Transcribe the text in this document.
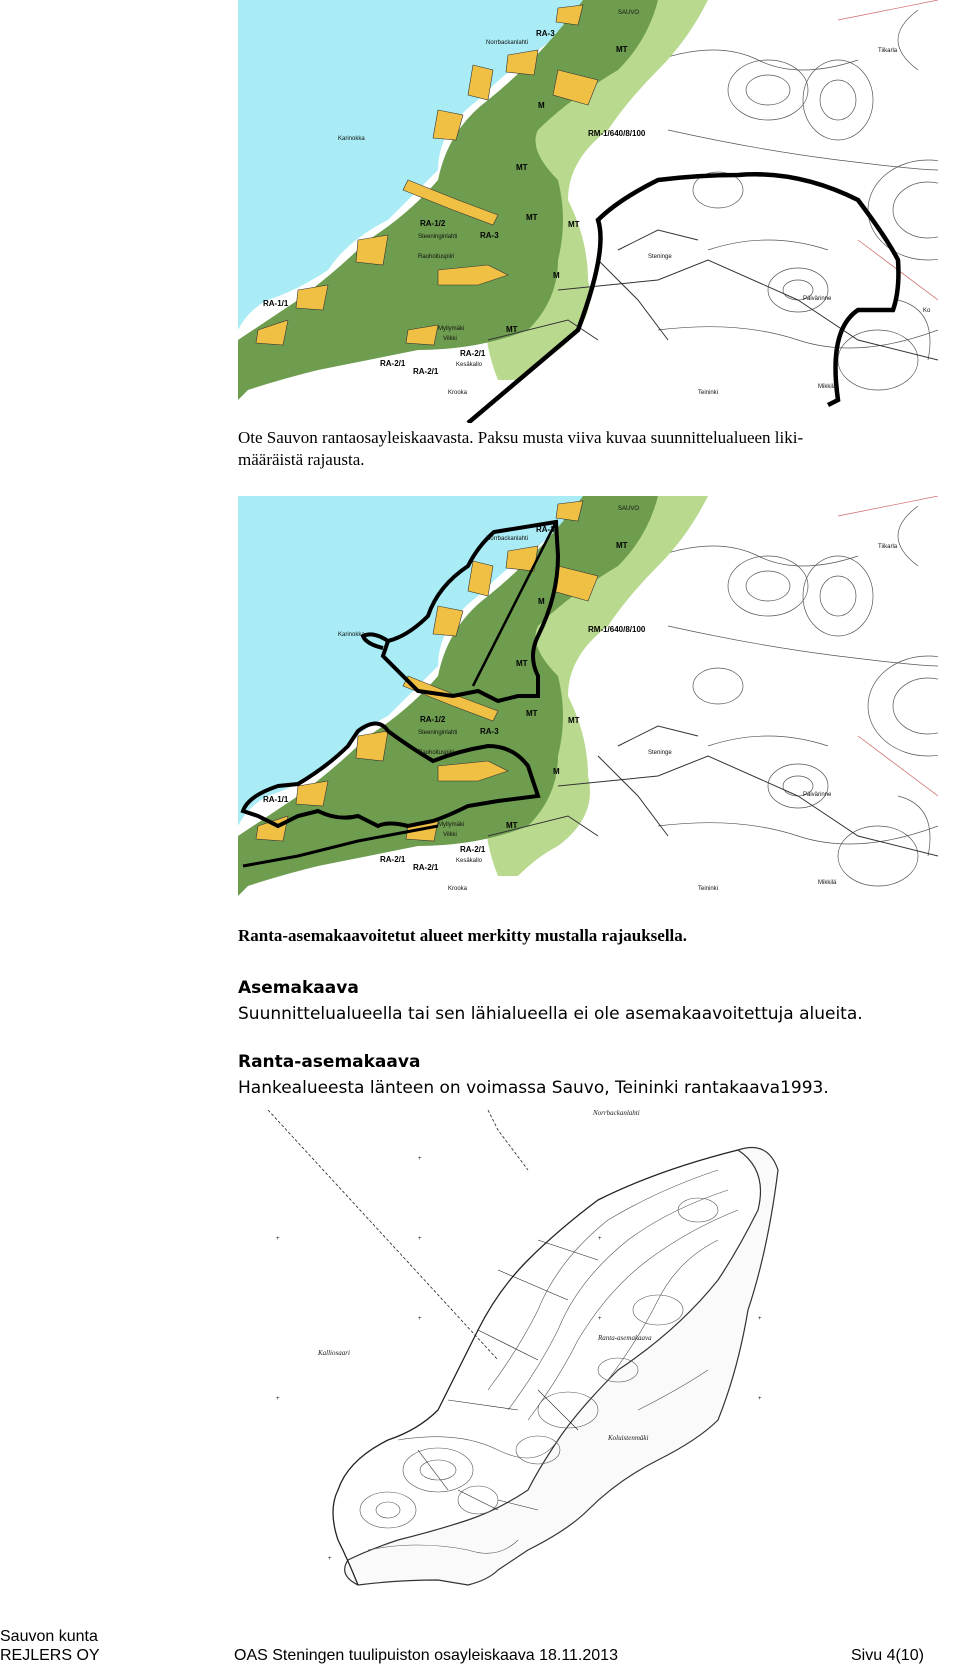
RA-3
Norrbackanlahti
SAUVO
Tiikarla
M
M
MT
MT
MT
MT
MT
RM-1/640/8/100
Karinokka
RA-1/2
Steeninginlahti	RA-3
Rauhoituspiiri
RA-1/1
RA-2/1
RA-2/1
RA-2/1
Kesäkallo
Krooka
Steninge
Päivärinne
Teininki
Myllymäki
Vilkki
Mikkilä
Ko
Ote Sauvon rantaosayleiskaavasta. Paksu musta viiva kuvaa suunnittelualueen liki-
määräistä rajausta.
RA-3
Norrbackanlahti
SAUVO
Tiikarla
M
M
MT
MT
MT
MT
MT
RM-1/640/8/100
Karinokka
RA-1/2
Steeninginlahti	RA-3
Rauhoituspiiri
RA-1/1
RA-2/1
RA-2/1
RA-2/1
Kesäkallo
Krooka
Steninge
Päivärinne
Teininki
Myllymäki
Vilkki
Mikkilä
Ranta-asemakaavoitetut alueet merkitty mustalla rajauksella.
Asemakaava
Suunnittelualueella tai sen lähialueella ei ole asemakaavoitettuja alueita.
Ranta-asemakaava
Hankealueesta länteen on voimassa Sauvo, Teininki rantakaava1993.
+
+
+
+	+
+
+
+
+
+
Norrbackanlahti
Ranta-asemakaava
Koluistenmäki
Kalliosaari
Sauvon kunta
REJLERS OY	OAS Steningen tuulipuiston osayleiskaava 18.11.2013	Sivu 4(10)
